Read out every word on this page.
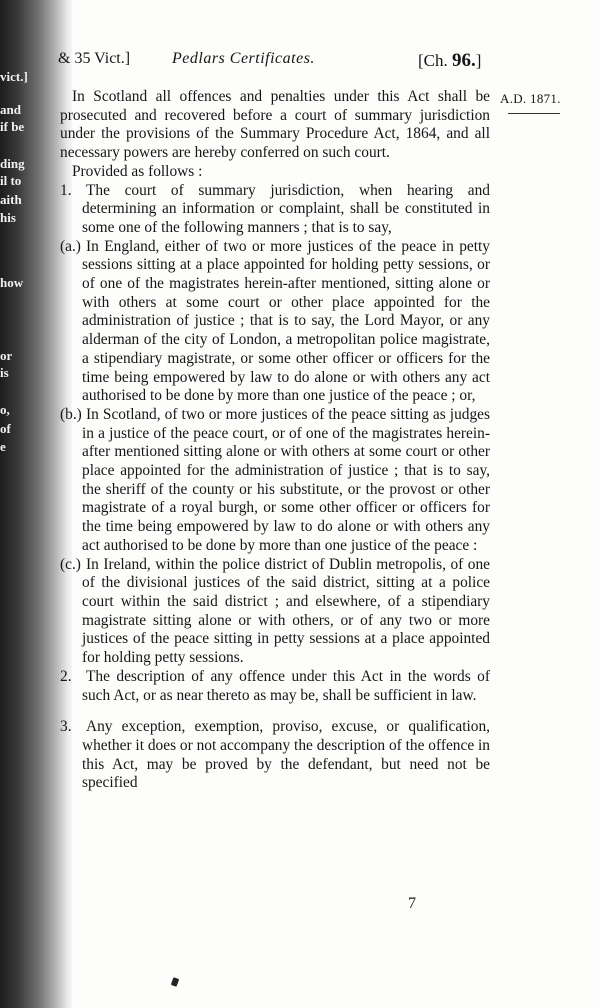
vict.]
and
if be
ding
il to
aith
his
how
or
is
o,
of
e
& 35 Vict.]	Pedlars Certificates.	[Ch. 96.]
A.D. 1871.

In Scotland all offences and penalties under this Act shall be prosecuted and recovered before a court of summary jurisdiction under the provisions of the Summary Procedure Act, 1864, and all necessary powers are hereby conferred on such court.

Provided as follows :

1. The court of summary jurisdiction, when hearing and determining an information or complaint, shall be constituted in some one of the following manners ; that is to say,

(a.) In England, either of two or more justices of the peace in petty sessions sitting at a place appointed for holding petty sessions, or of one of the magistrates herein-after mentioned, sitting alone or with others at some court or other place appointed for the administration of justice ; that is to say, the Lord Mayor, or any alderman of the city of London, a metropolitan police magistrate, a stipendiary magistrate, or some other officer or officers for the time being empowered by law to do alone or with others any act authorised to be done by more than one justice of the peace ; or,

(b.) In Scotland, of two or more justices of the peace sitting as judges in a justice of the peace court, or of one of the magistrates herein-after mentioned sitting alone or with others at some court or other place appointed for the administration of justice ; that is to say, the sheriff of the county or his substitute, or the provost or other magistrate of a royal burgh, or some other officer or officers for the time being empowered by law to do alone or with others any act authorised to be done by more than one justice of the peace :

(c.) In Ireland, within the police district of Dublin metropolis, of one of the divisional justices of the said district, sitting at a police court within the said district ; and elsewhere, of a stipendiary magistrate sitting alone or with others, or of any two or more justices of the peace sitting in petty sessions at a place appointed for holding petty sessions.

2. The description of any offence under this Act in the words of such Act, or as near thereto as may be, shall be sufficient in law.

3. Any exception, exemption, proviso, excuse, or qualification, whether it does or not accompany the description of the offence in this Act, may be proved by the defendant, but need not be specified

7
